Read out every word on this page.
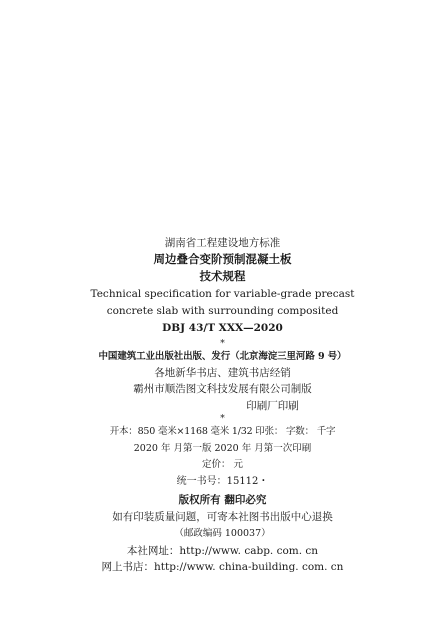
湖南省工程建设地方标准
周边叠合变阶预制混凝土板
技术规程
Technical specification for variable-grade precast
concrete slab with surrounding composited
DBJ 43/T XXX—2020
*
中国建筑工业出版社出版、发行（北京海淀三里河路 9 号）
各地新华书店、建筑书店经销
霸州市顺浩图文科技发展有限公司制版
印刷厂印刷
*
开本：850 毫米×1168 毫米 1/32 印张： 字数： 千字
2020 年 月第一版 2020 年 月第一次印刷
定价： 元
统一书号：15112・
版权所有 翻印必究
如有印装质量问题，可寄本社图书出版中心退换
（邮政编码 100037）
本社网址：http://www. cabp. com. cn
网上书店：http://www. china-building. com. cn
